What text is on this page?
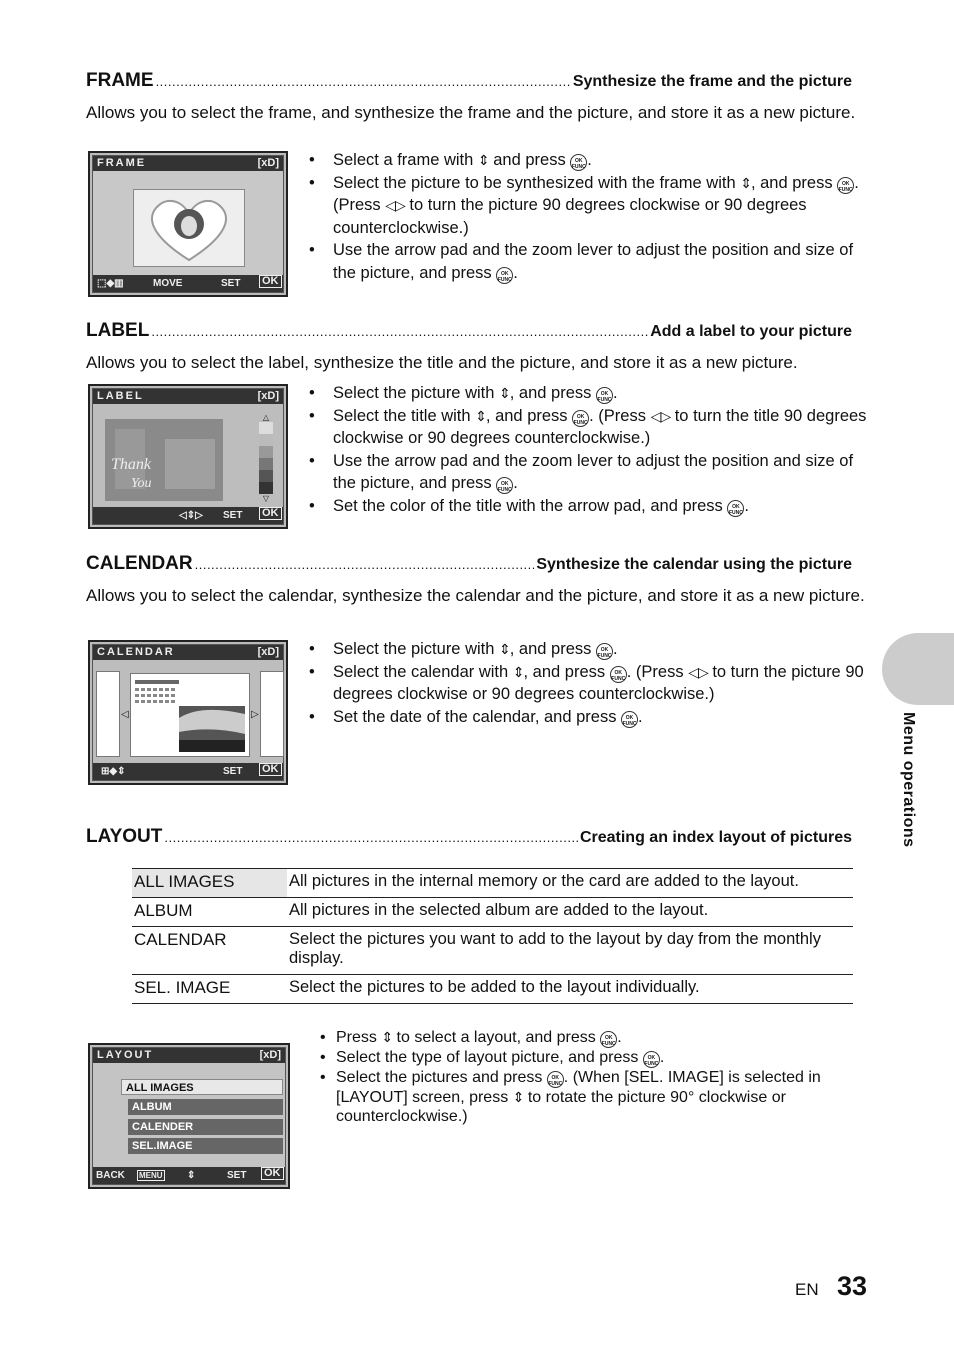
FRAME .....	Synthesize the frame and the picture
Allows you to select the frame, and synthesize the frame and the picture, and store it as a new picture.
FRAME	[xD]
⬚◆▥	MOVE	SET OK
• Select a frame with ⇕ and press OK FUNC.
• Select the picture to be synthesized with the frame with ⇕, and press OK FUNC. (Press ◁▷ to turn the picture 90 degrees clockwise or 90 degrees counterclockwise.)
• Use the arrow pad and the zoom lever to adjust the position and size of the picture, and press OK FUNC.
LABEL .....	Add a label to your picture
Allows you to select the label, synthesize the title and the picture, and store it as a new picture.
LABEL	[xD]
Thank
You
△
▽
◁⇕▷ SET OK
• Select the picture with ⇕, and press OK FUNC.
• Select the title with ⇕, and press OK FUNC. (Press ◁▷ to turn the title 90 degrees clockwise or 90 degrees counterclockwise.)
• Use the arrow pad and the zoom lever to adjust the position and size of the picture, and press OK FUNC.
• Set the color of the title with the arrow pad, and press OK FUNC.
CALENDAR .....	Synthesize the calendar using the picture
Allows you to select the calendar, synthesize the calendar and the picture, and store it as a new picture.
CALENDAR	[xD]
◁	▷
⊞◆⇕	SET OK
• Select the picture with ⇕, and press OK FUNC.
• Select the calendar with ⇕, and press OK FUNC. (Press ◁▷ to turn the picture 90 degrees clockwise or 90 degrees counterclockwise.)
• Set the date of the calendar, and press OK FUNC.	Menu operations
LAYOUT .....	Creating an index layout of pictures
ALL IMAGES	All pictures in the internal memory or the card are added to the layout.
ALBUM	All pictures in the selected album are added to the layout.
CALENDAR	Select the pictures you want to add to the layout by day from the monthly display.
SEL. IMAGE	Select the pictures to be added to the layout individually.
LAYOUT	[xD]
ALL IMAGES
ALBUM
CALENDER
SEL.IMAGE
BACK MENU ⇕	SET OK
• Press ⇕ to select a layout, and press OK FUNC.
• Select the type of layout picture, and press OK FUNC.
• Select the pictures and press OK FUNC. (When [SEL. IMAGE] is selected in [LAYOUT] screen, press ⇕ to rotate the picture 90° clockwise or counterclockwise.)
EN 33
